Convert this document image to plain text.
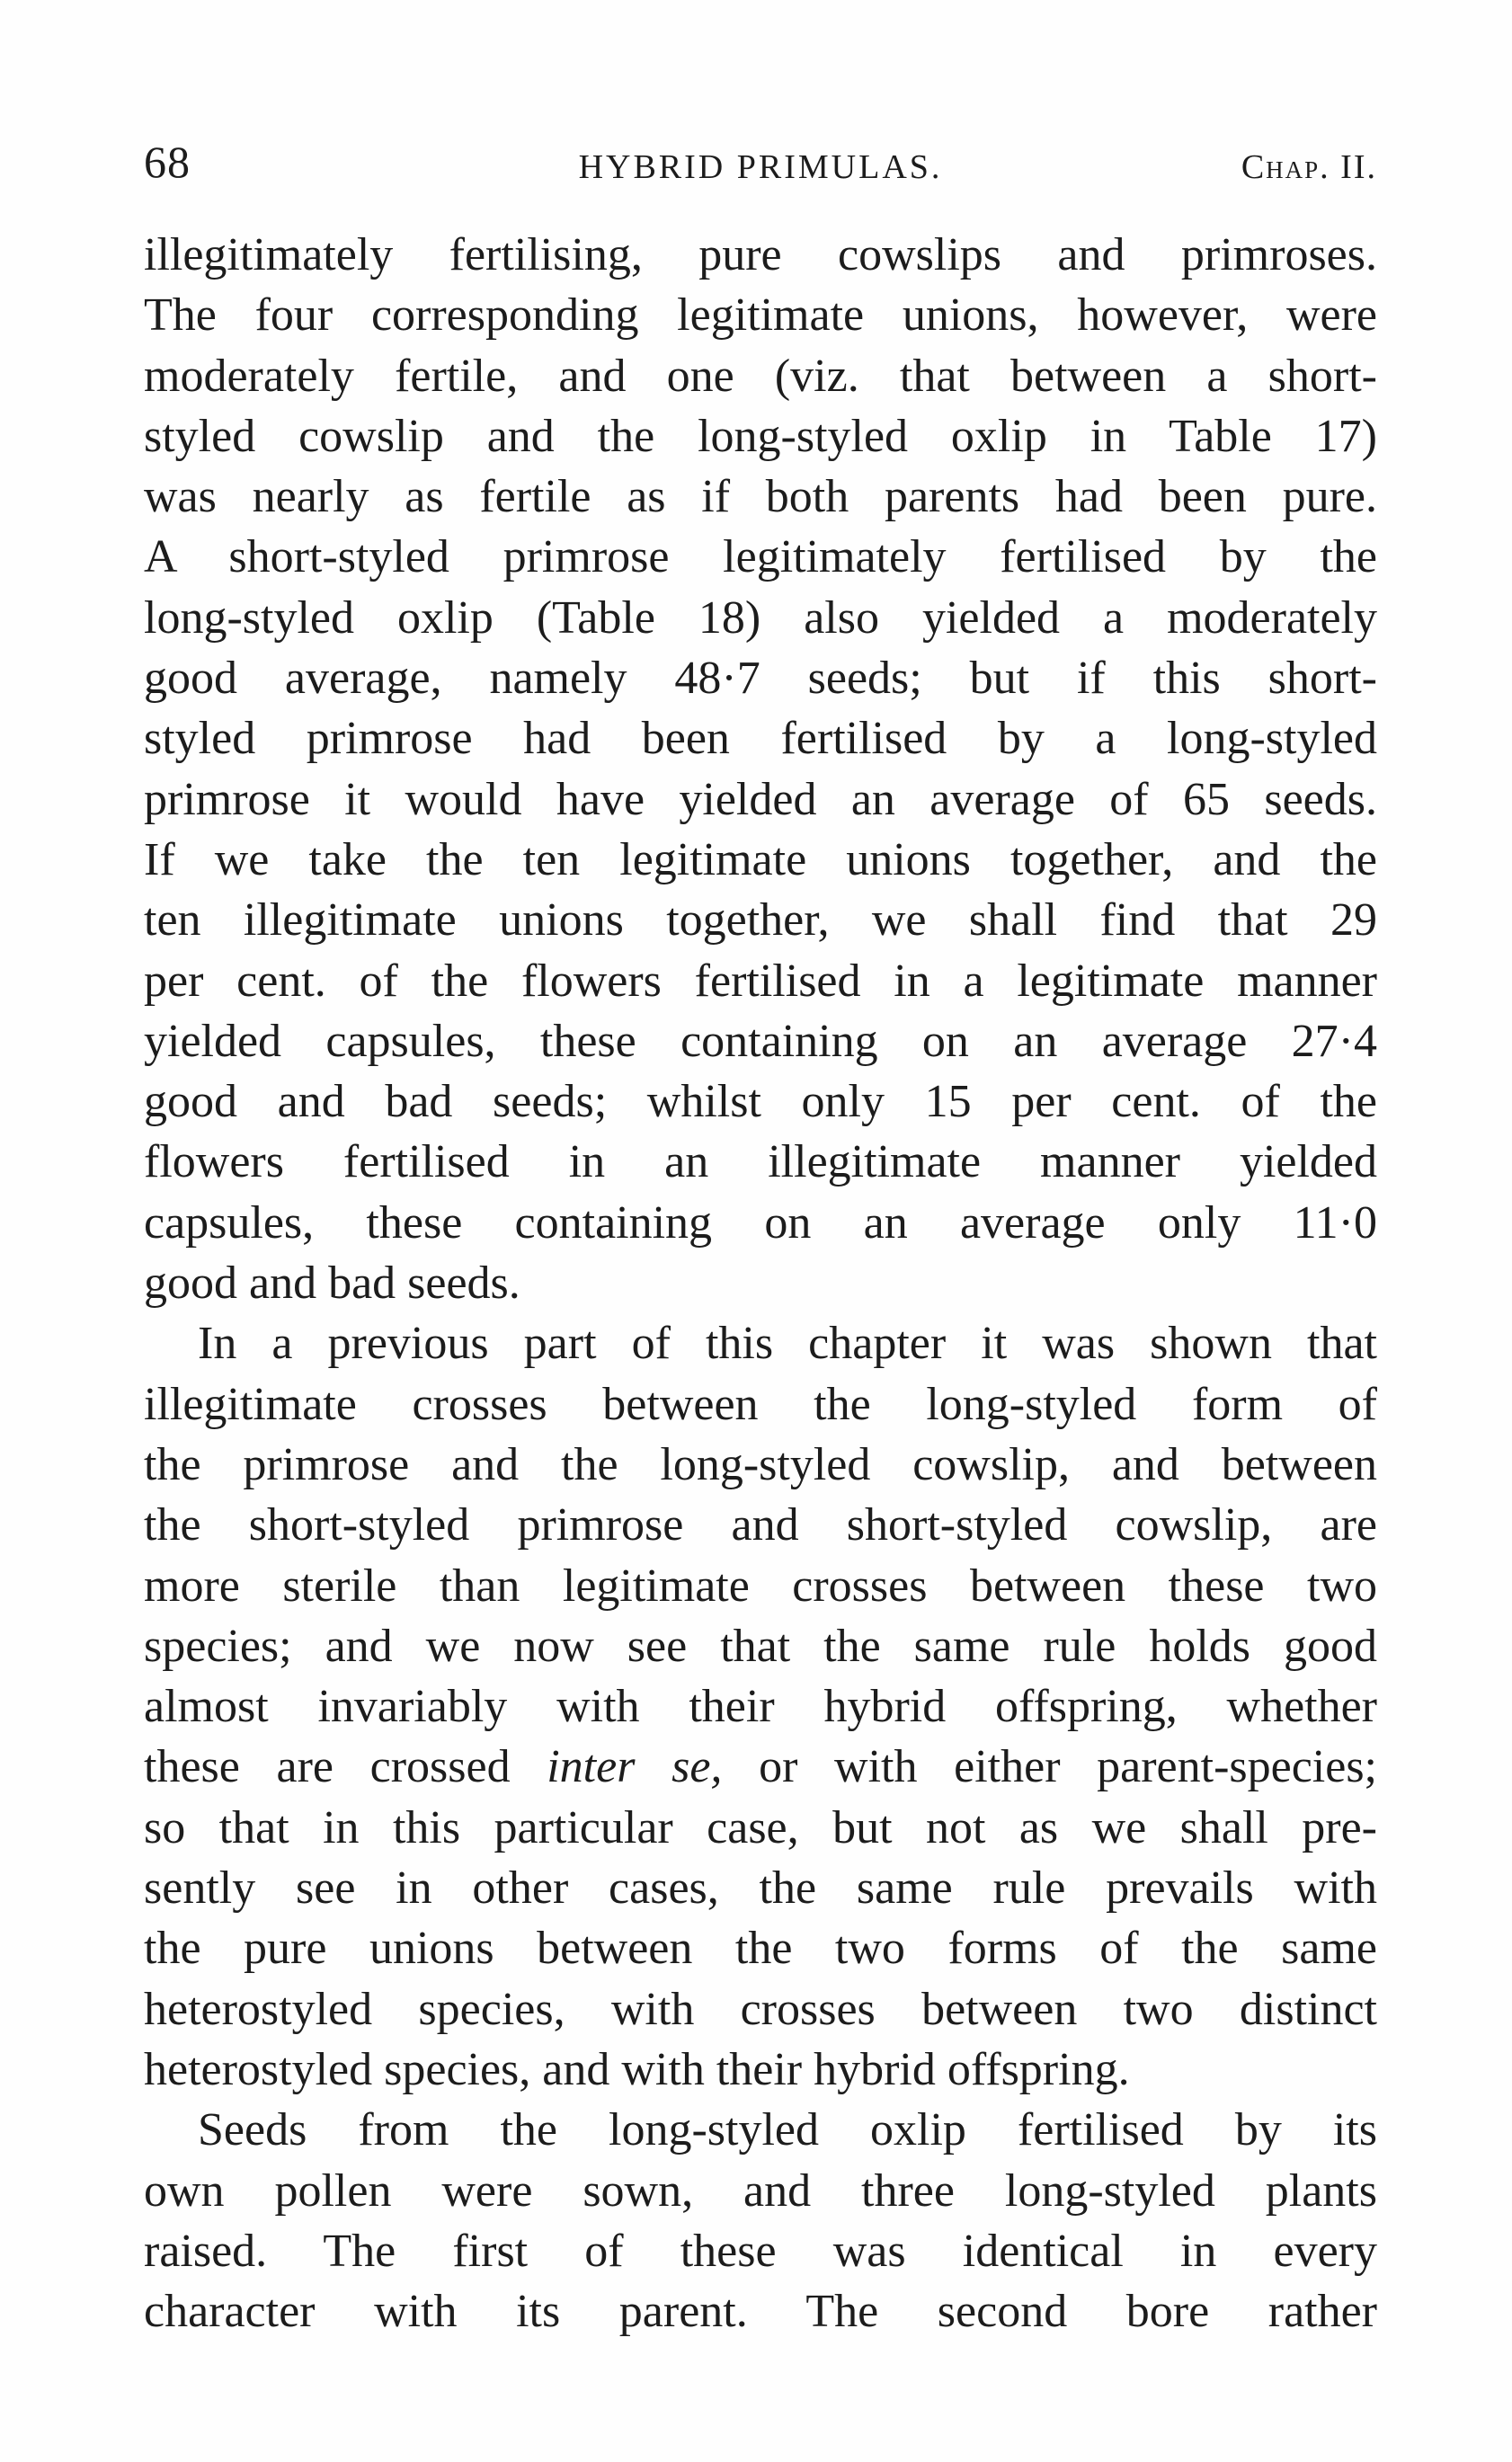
68	HYBRID PRIMULAS.	Chap. II.
illegitimately fertilising, pure cowslips and primroses.
The four corresponding legitimate unions, however, were
moderately fertile, and one (viz. that between a short-
styled cowslip and the long-styled oxlip in Table 17)
was nearly as fertile as if both parents had been pure.
A short-styled primrose legitimately fertilised by the
long-styled oxlip (Table 18) also yielded a moderately
good average, namely 48·7 seeds; but if this short-
styled primrose had been fertilised by a long-styled
primrose it would have yielded an average of 65 seeds.
If we take the ten legitimate unions together, and the
ten illegitimate unions together, we shall find that 29
per cent. of the flowers fertilised in a legitimate manner
yielded capsules, these containing on an average 27·4
good and bad seeds; whilst only 15 per cent. of the
flowers fertilised in an illegitimate manner yielded
capsules, these containing on an average only 11·0
good and bad seeds.
In a previous part of this chapter it was shown that
illegitimate crosses between the long-styled form of
the primrose and the long-styled cowslip, and between
the short-styled primrose and short-styled cowslip, are
more sterile than legitimate crosses between these two
species; and we now see that the same rule holds good
almost invariably with their hybrid offspring, whether
these are crossed inter se, or with either parent-species;
so that in this particular case, but not as we shall pre-
sently see in other cases, the same rule prevails with
the pure unions between the two forms of the same
heterostyled species, with crosses between two distinct
heterostyled species, and with their hybrid offspring.
Seeds from the long-styled oxlip fertilised by its
own pollen were sown, and three long-styled plants
raised. The first of these was identical in every
character with its parent. The second bore rather
